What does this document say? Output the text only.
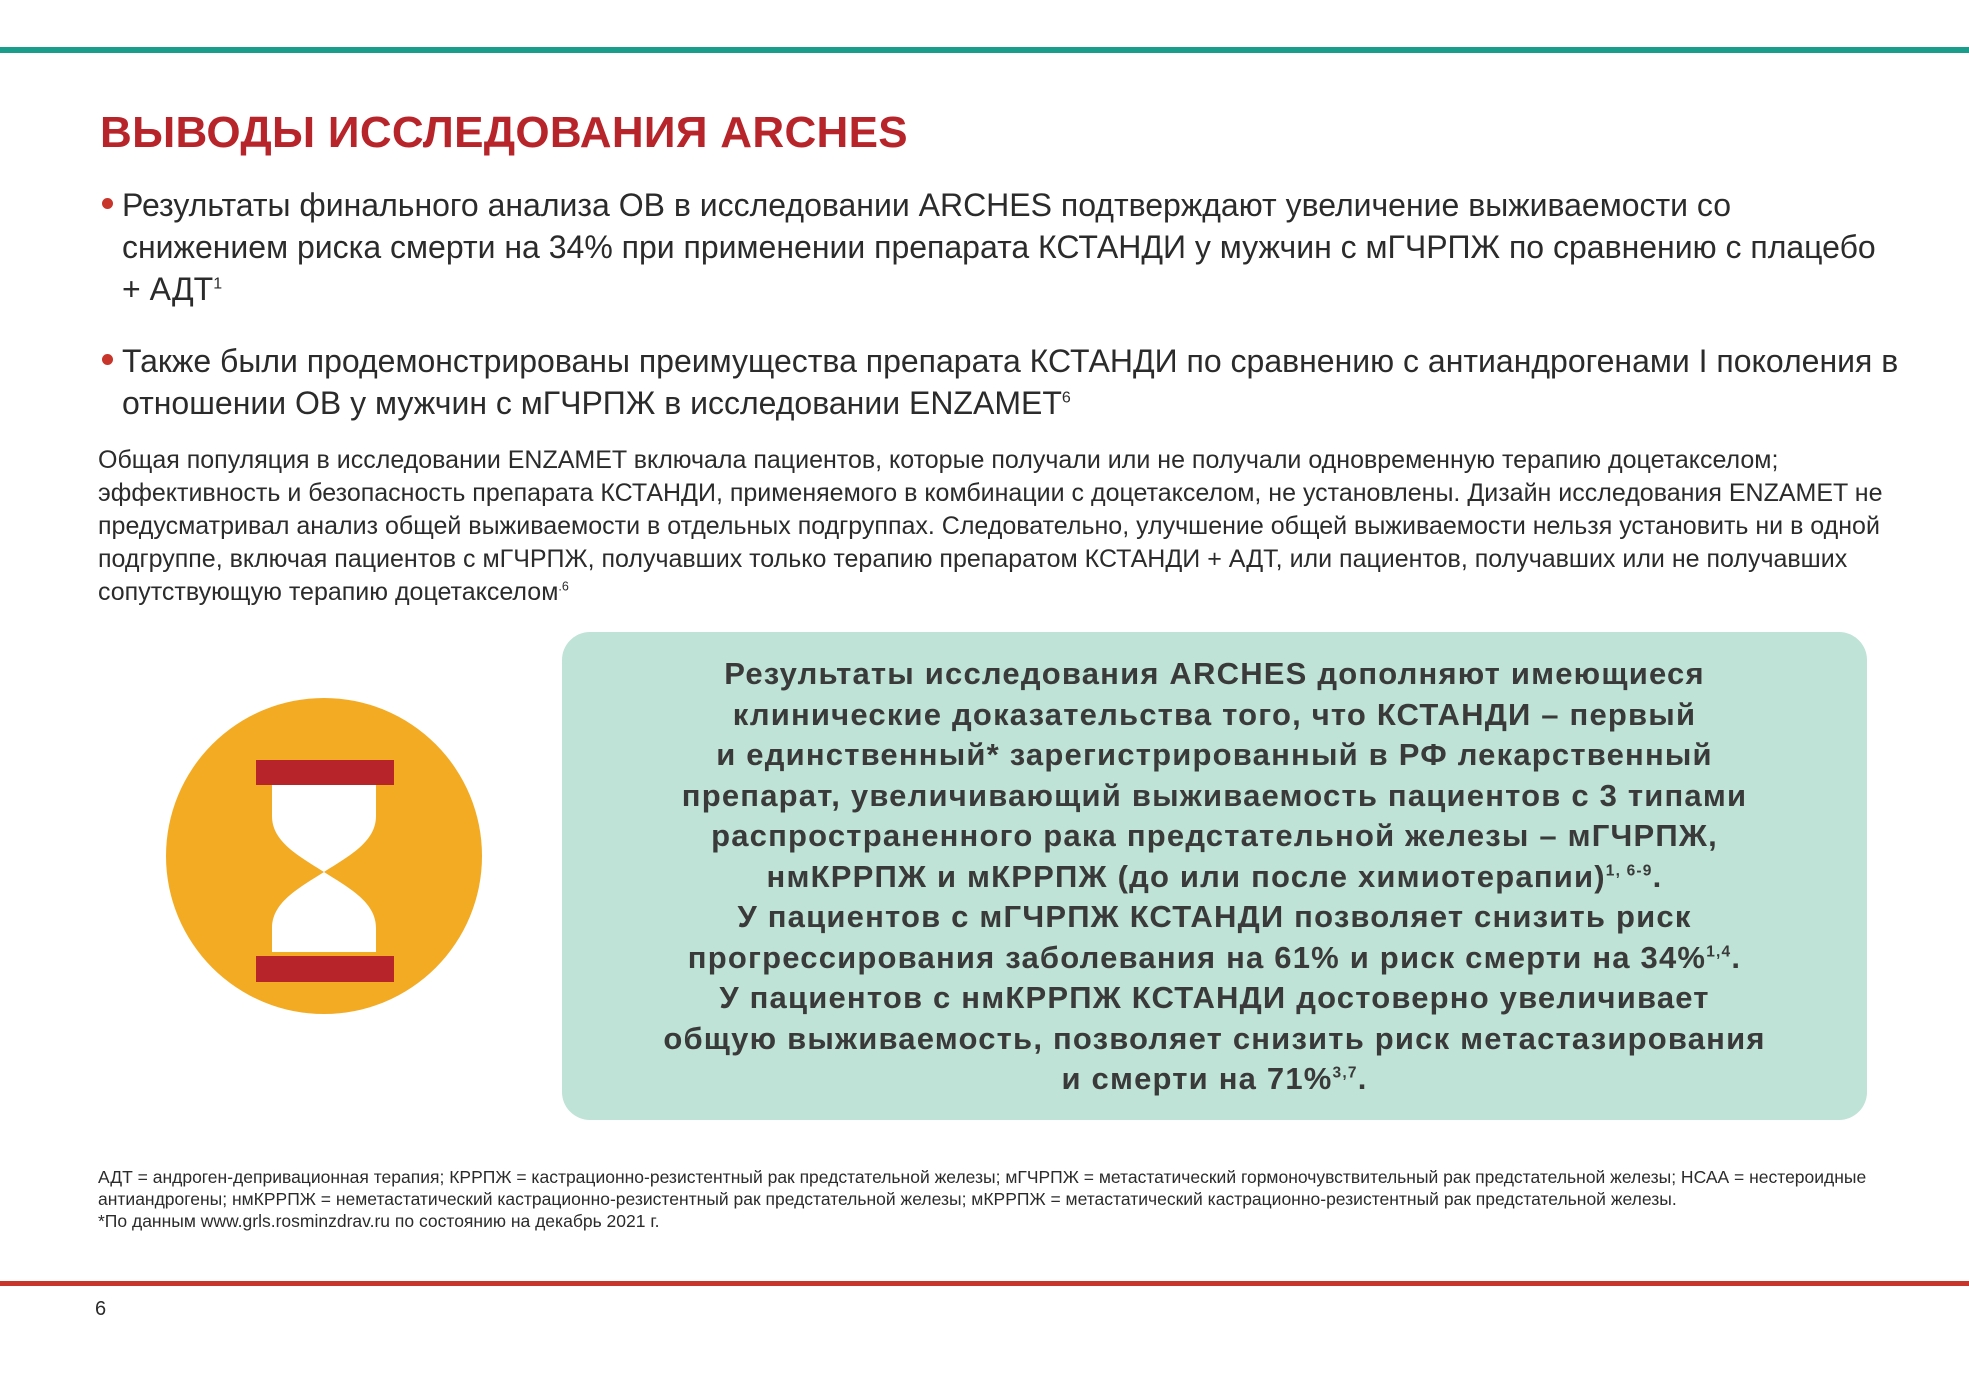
ВЫВОДЫ ИССЛЕДОВАНИЯ ARCHES
Результаты финального анализа ОВ в исследовании ARCHES подтверждают увеличение выживаемости со снижением риска смерти на 34% при применении препарата КСТАНДИ у мужчин с мГЧРПЖ по сравнению с плацебо + $АДТ^1$
Также были продемонстрированы преимущества препарата КСТАНДИ по сравнению с антиандрогенами I поколения в отношении ОВ у мужчин с мГЧРПЖ в исследовании ENZAMET$^6$
Общая популяция в исследовании ENZAMET включала пациентов, которые получали или не получали одновременную терапию доцетакселом; эффективность и безопасность препарата КСТАНДИ, применяемого в комбинации с доцетакселом, не установлены. Дизайн исследования ENZAMET не предусматривал анализ общей выживаемости в отдельных подгруппах. Следовательно, улучшение общей выживаемости нельзя установить ни в одной подгруппе, включая пациентов с мГЧРПЖ, получавших только терапию препаратом КСТАНДИ + АДТ, или пациентов, получавших или не получавших сопутствующую терапию доцетакселом$^{.6}$

Результаты исследования ARCHES дополняют имеющиеся
клинические доказательства того, что КСТАНДИ – первый
и единственный* зарегистрированный в РФ лекарственный
препарат, увеличивающий выживаемость пациентов с 3 типами
распространенного рака предстательной железы – мГЧРПЖ,
нмКРРПЖ и мКРРПЖ (до или после химиотерапии)$^{1, 6-9}$.
У пациентов с мГЧРПЖ КСТАНДИ позволяет снизить риск
прогрессирования заболевания на 61% и риск смерти на 34%$^{1,4}$.
У пациентов с нмКРРПЖ КСТАНДИ достоверно увеличивает
общую выживаемость, позволяет снизить риск метастазирования
и смерти на 71%$^{3,7}$.

АДТ = андроген-депривационная терапия; КРРПЖ = кастрационно-резистентный рак предстательной железы; мГЧРПЖ = метастатический гормоночувствительный рак предстательной железы; НСАА = нестероидные антиандрогены; нмКРРПЖ = неметастатический кастрационно-резистентный рак предстательной железы; мКРРПЖ = метастатический кастрационно-резистентный рак предстательной железы.
*По данным www.grls.rosminzdrav.ru по состоянию на декабрь 2021 г.
6
